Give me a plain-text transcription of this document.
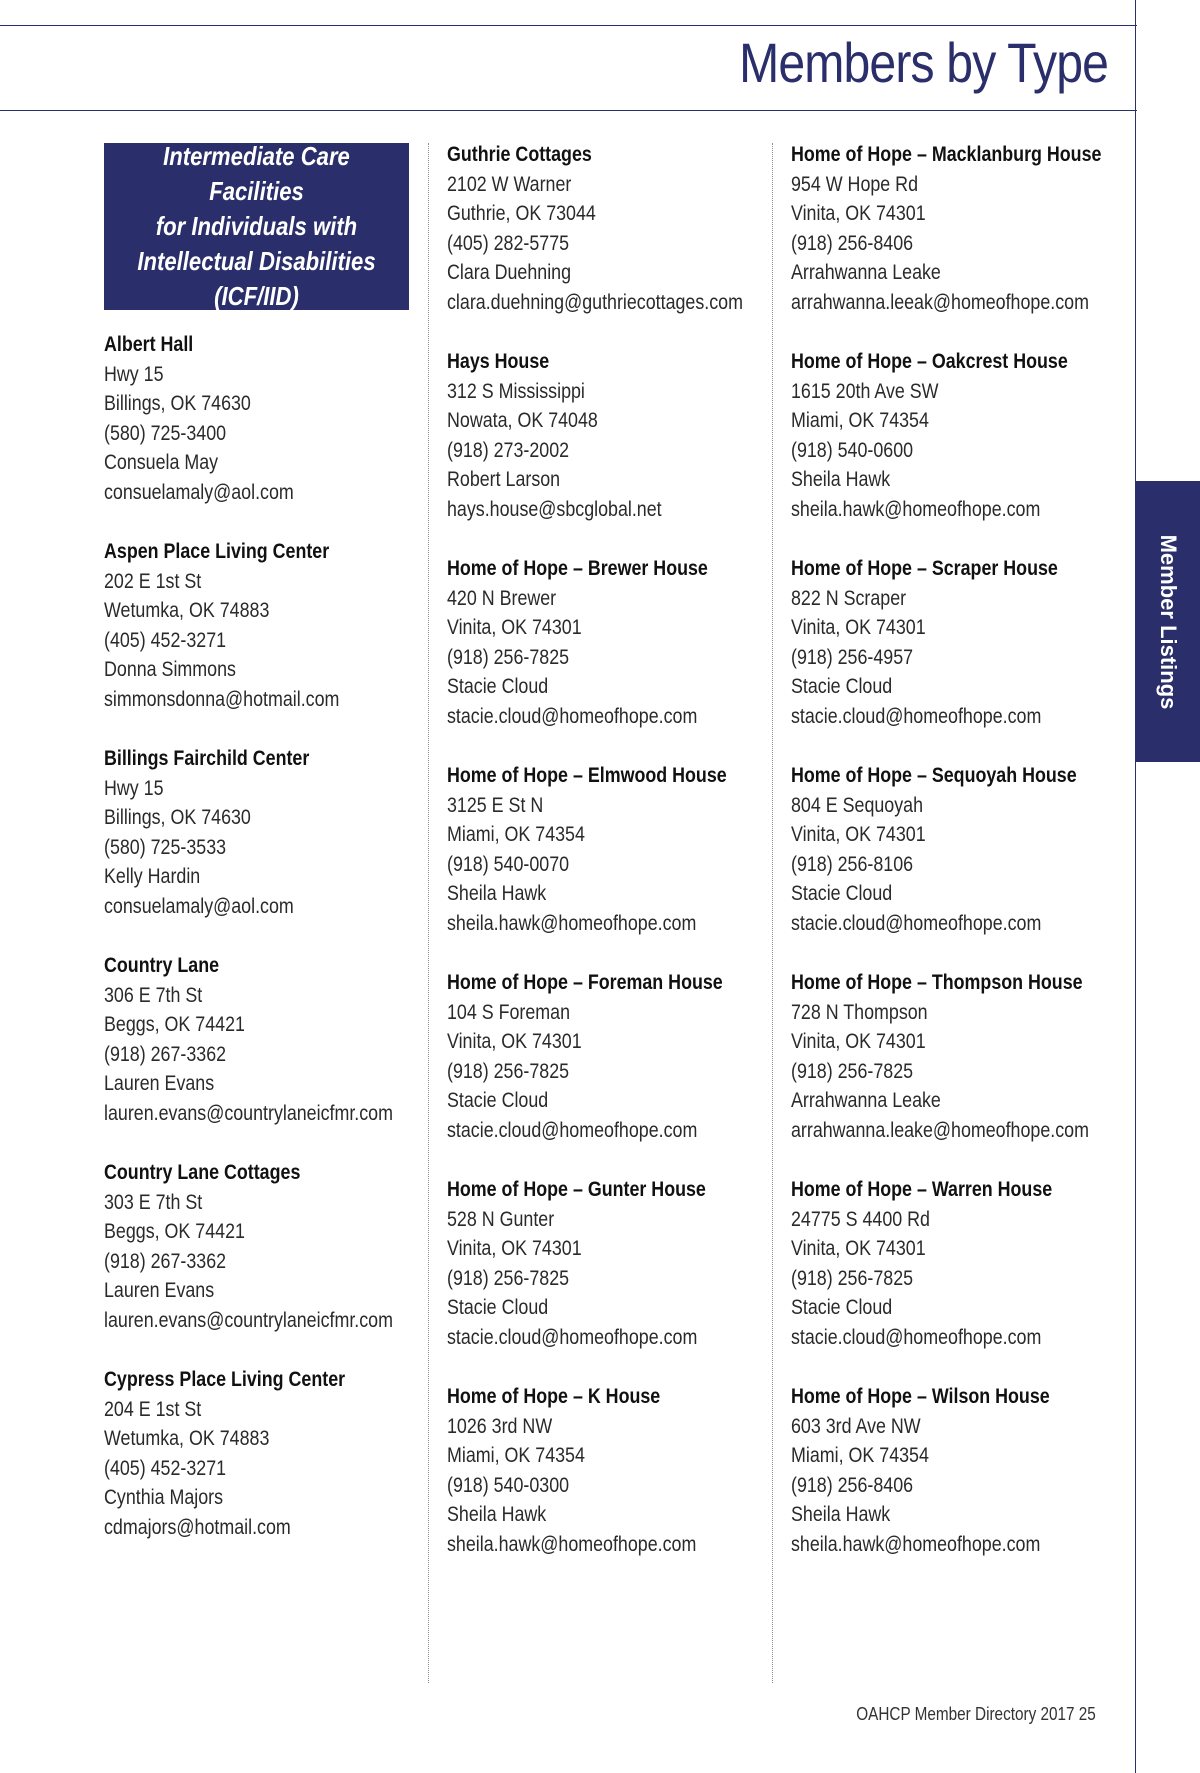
Members by Type
Member Listings
Intermediate Care Facilities
for Individuals with
Intellectual Disabilities
(ICF/IID)
Albert Hall
Hwy 15
Billings, OK 74630
(580) 725-3400
Consuela May
consuelamaly@aol.com
Aspen Place Living Center
202 E 1st St
Wetumka, OK 74883
(405) 452-3271
Donna Simmons
simmonsdonna@hotmail.com
Billings Fairchild Center
Hwy 15
Billings, OK 74630
(580) 725-3533
Kelly Hardin
consuelamaly@aol.com
Country Lane
306 E 7th St
Beggs, OK 74421
(918) 267-3362
Lauren Evans
lauren.evans@countrylaneicfmr.com
Country Lane Cottages
303 E 7th St
Beggs, OK 74421
(918) 267-3362
Lauren Evans
lauren.evans@countrylaneicfmr.com
Cypress Place Living Center
204 E 1st St
Wetumka, OK 74883
(405) 452-3271
Cynthia Majors
cdmajors@hotmail.com
Guthrie Cottages
2102 W Warner
Guthrie, OK 73044
(405) 282-5775
Clara Duehning
clara.duehning@guthriecottages.com
Hays House
312 S Mississippi
Nowata, OK 74048
(918) 273-2002
Robert Larson
hays.house@sbcglobal.net
Home of Hope – Brewer House
420 N Brewer
Vinita, OK 74301
(918) 256-7825
Stacie Cloud
stacie.cloud@homeofhope.com
Home of Hope – Elmwood House
3125 E St N
Miami, OK 74354
(918) 540-0070
Sheila Hawk
sheila.hawk@homeofhope.com
Home of Hope – Foreman House
104 S Foreman
Vinita, OK 74301
(918) 256-7825
Stacie Cloud
stacie.cloud@homeofhope.com
Home of Hope – Gunter House
528 N Gunter
Vinita, OK 74301
(918) 256-7825
Stacie Cloud
stacie.cloud@homeofhope.com
Home of Hope – K House
1026 3rd NW
Miami, OK 74354
(918) 540-0300
Sheila Hawk
sheila.hawk@homeofhope.com
Home of Hope – Macklanburg House
954 W Hope Rd
Vinita, OK 74301
(918) 256-8406
Arrahwanna Leake
arrahwanna.leeak@homeofhope.com
Home of Hope – Oakcrest House
1615 20th Ave SW
Miami, OK 74354
(918) 540-0600
Sheila Hawk
sheila.hawk@homeofhope.com
Home of Hope – Scraper House
822 N Scraper
Vinita, OK 74301
(918) 256-4957
Stacie Cloud
stacie.cloud@homeofhope.com
Home of Hope – Sequoyah House
804 E Sequoyah
Vinita, OK 74301
(918) 256-8106
Stacie Cloud
stacie.cloud@homeofhope.com
Home of Hope – Thompson House
728 N Thompson
Vinita, OK 74301
(918) 256-7825
Arrahwanna Leake
arrahwanna.leake@homeofhope.com
Home of Hope – Warren House
24775 S 4400 Rd
Vinita, OK 74301
(918) 256-7825
Stacie Cloud
stacie.cloud@homeofhope.com
Home of Hope – Wilson House
603 3rd Ave NW
Miami, OK 74354
(918) 256-8406
Sheila Hawk
sheila.hawk@homeofhope.com
OAHCP Member Directory 2017 25
